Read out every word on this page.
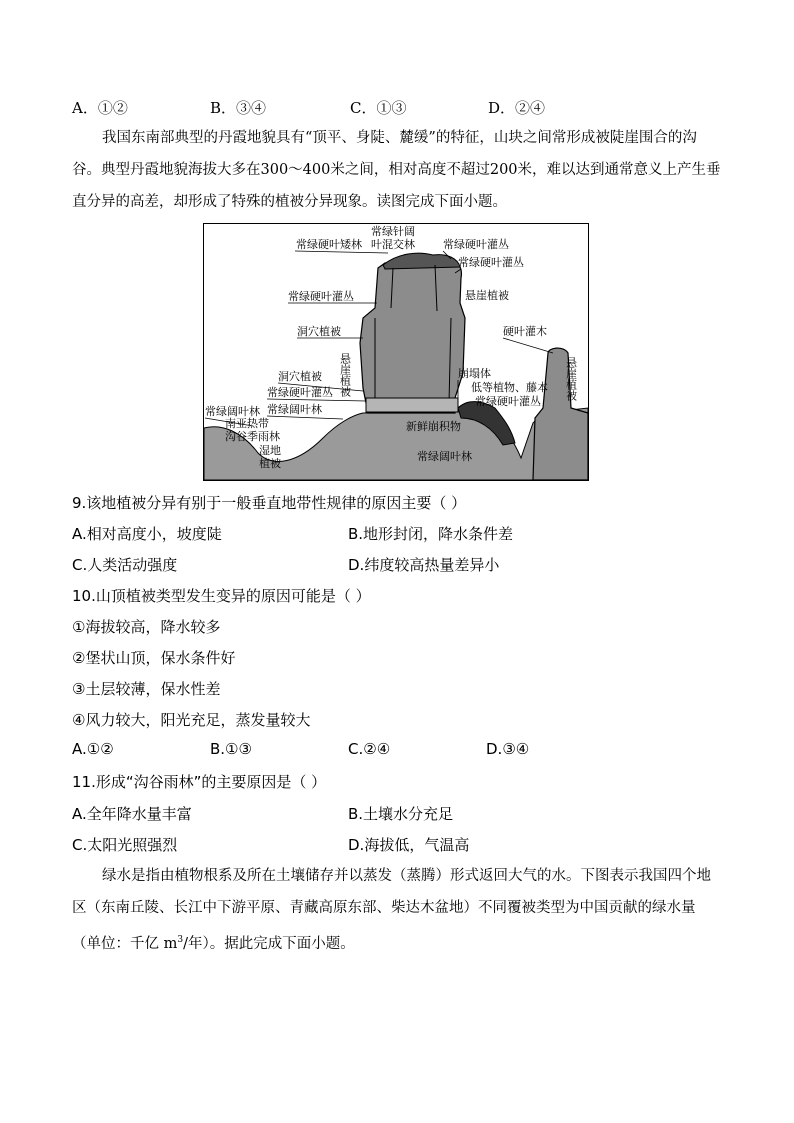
A．①②	B．③④	C．①③	D．②④
我国东南部典型的丹霞地貌具有“顶平、身陡、麓缓”的特征，山块之间常形成被陡崖围合的沟谷。典型丹霞地貌海拔大多在300～400米之间，相对高度不超过200米，难以达到通常意义上产生垂直分异的高差，却形成了特殊的植被分异现象。读图完成下面小题。
常绿针阔
叶混交林
常绿硬叶矮林	常绿硬叶灌丛
常绿硬叶灌丛
悬崖植被
常绿硬叶灌丛
洞穴植被
悬崖植被
洞穴植被
常绿硬叶灌丛
常绿阔叶林
常绿阔叶林
南亚热带
沟谷季雨林
湿地
植被
崩塌体
低等植物、藤本
常绿硬叶灌丛
新鲜崩积物
常绿阔叶林
硬叶灌木
悬崖植被
9.该地植被分异有别于一般垂直地带性规律的原因主要（ ）
A.相对高度小，坡度陡	B.地形封闭，降水条件差
C.人类活动强度	D.纬度较高热量差异小
10.山顶植被类型发生变异的原因可能是（ ）
①海拔较高，降水较多
②堡状山顶，保水条件好
③土层较薄，保水性差
④风力较大，阳光充足，蒸发量较大
A.①②	B.①③	C.②④	D.③④
11.形成“沟谷雨林”的主要原因是（ ）
A.全年降水量丰富	B.土壤水分充足
C.太阳光照强烈	D.海拔低，气温高
绿水是指由植物根系及所在土壤储存并以蒸发（蒸腾）形式返回大气的水。下图表示我国四个地区（东南丘陵、长江中下游平原、青藏高原东部、柴达木盆地）不同覆被类型为中国贡献的绿水量（单位：千亿 $m^3/$年）。据此完成下面小题。
